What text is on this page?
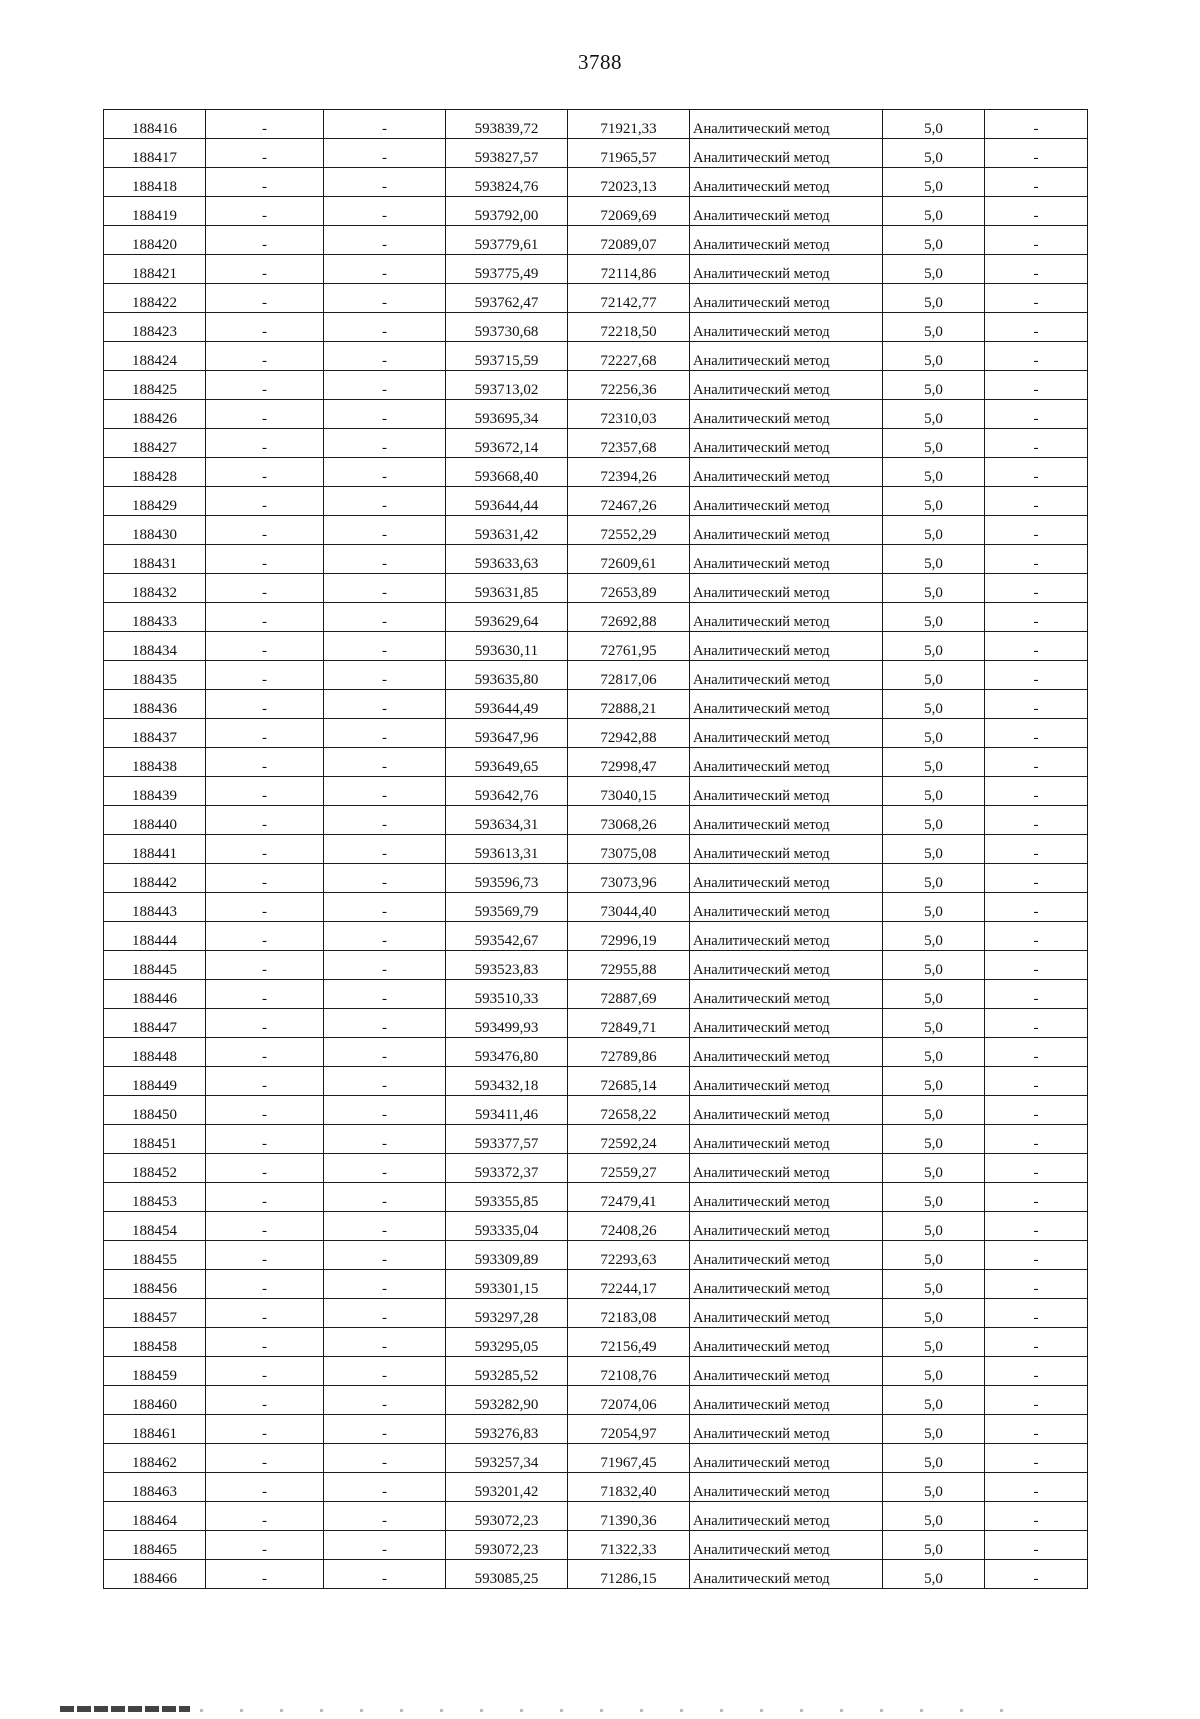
3788
188416	-	-	593839,72	71921,33	Аналитический метод	5,0	-
188417	-	-	593827,57	71965,57	Аналитический метод	5,0	-
188418	-	-	593824,76	72023,13	Аналитический метод	5,0	-
188419	-	-	593792,00	72069,69	Аналитический метод	5,0	-
188420	-	-	593779,61	72089,07	Аналитический метод	5,0	-
188421	-	-	593775,49	72114,86	Аналитический метод	5,0	-
188422	-	-	593762,47	72142,77	Аналитический метод	5,0	-
188423	-	-	593730,68	72218,50	Аналитический метод	5,0	-
188424	-	-	593715,59	72227,68	Аналитический метод	5,0	-
188425	-	-	593713,02	72256,36	Аналитический метод	5,0	-
188426	-	-	593695,34	72310,03	Аналитический метод	5,0	-
188427	-	-	593672,14	72357,68	Аналитический метод	5,0	-
188428	-	-	593668,40	72394,26	Аналитический метод	5,0	-
188429	-	-	593644,44	72467,26	Аналитический метод	5,0	-
188430	-	-	593631,42	72552,29	Аналитический метод	5,0	-
188431	-	-	593633,63	72609,61	Аналитический метод	5,0	-
188432	-	-	593631,85	72653,89	Аналитический метод	5,0	-
188433	-	-	593629,64	72692,88	Аналитический метод	5,0	-
188434	-	-	593630,11	72761,95	Аналитический метод	5,0	-
188435	-	-	593635,80	72817,06	Аналитический метод	5,0	-
188436	-	-	593644,49	72888,21	Аналитический метод	5,0	-
188437	-	-	593647,96	72942,88	Аналитический метод	5,0	-
188438	-	-	593649,65	72998,47	Аналитический метод	5,0	-
188439	-	-	593642,76	73040,15	Аналитический метод	5,0	-
188440	-	-	593634,31	73068,26	Аналитический метод	5,0	-
188441	-	-	593613,31	73075,08	Аналитический метод	5,0	-
188442	-	-	593596,73	73073,96	Аналитический метод	5,0	-
188443	-	-	593569,79	73044,40	Аналитический метод	5,0	-
188444	-	-	593542,67	72996,19	Аналитический метод	5,0	-
188445	-	-	593523,83	72955,88	Аналитический метод	5,0	-
188446	-	-	593510,33	72887,69	Аналитический метод	5,0	-
188447	-	-	593499,93	72849,71	Аналитический метод	5,0	-
188448	-	-	593476,80	72789,86	Аналитический метод	5,0	-
188449	-	-	593432,18	72685,14	Аналитический метод	5,0	-
188450	-	-	593411,46	72658,22	Аналитический метод	5,0	-
188451	-	-	593377,57	72592,24	Аналитический метод	5,0	-
188452	-	-	593372,37	72559,27	Аналитический метод	5,0	-
188453	-	-	593355,85	72479,41	Аналитический метод	5,0	-
188454	-	-	593335,04	72408,26	Аналитический метод	5,0	-
188455	-	-	593309,89	72293,63	Аналитический метод	5,0	-
188456	-	-	593301,15	72244,17	Аналитический метод	5,0	-
188457	-	-	593297,28	72183,08	Аналитический метод	5,0	-
188458	-	-	593295,05	72156,49	Аналитический метод	5,0	-
188459	-	-	593285,52	72108,76	Аналитический метод	5,0	-
188460	-	-	593282,90	72074,06	Аналитический метод	5,0	-
188461	-	-	593276,83	72054,97	Аналитический метод	5,0	-
188462	-	-	593257,34	71967,45	Аналитический метод	5,0	-
188463	-	-	593201,42	71832,40	Аналитический метод	5,0	-
188464	-	-	593072,23	71390,36	Аналитический метод	5,0	-
188465	-	-	593072,23	71322,33	Аналитический метод	5,0	-
188466	-	-	593085,25	71286,15	Аналитический метод	5,0	-
